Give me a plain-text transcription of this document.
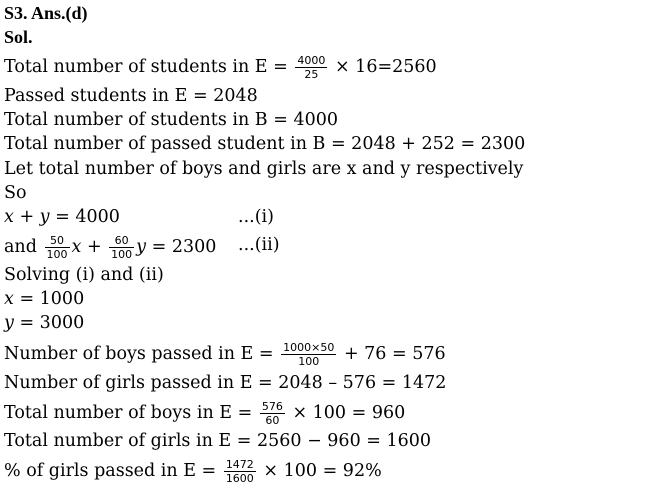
S3. Ans.(d)
Sol.
Total number of students in $E = \frac{4000}{25} \times 16=2560$
Passed students in E = 2048
Total number of students in B = 4000
Total number of passed student in B = 2048 + 252 = 2300
Let total number of boys and girls are x and y respectively
So
x + y = 4000	...(i)
and $\frac{50}{100}$ $x + \frac{60}{100}$ y = 2300 ...(ii)
Solving (i) and (ii)
x = 1000
y = 3000
Number of boys passed in $E = \frac{1000\times 50}{100} + 76 = 576$
Number of girls passed in E = 2048 – 576 = 1472
Total number of boys in $E = \frac{576}{60} \times 100 = 960$
Total number of girls in E = 2560 − 960 = 1600
% of girls passed in $E = \frac{1472}{1600} \times 100 = 92\%$
